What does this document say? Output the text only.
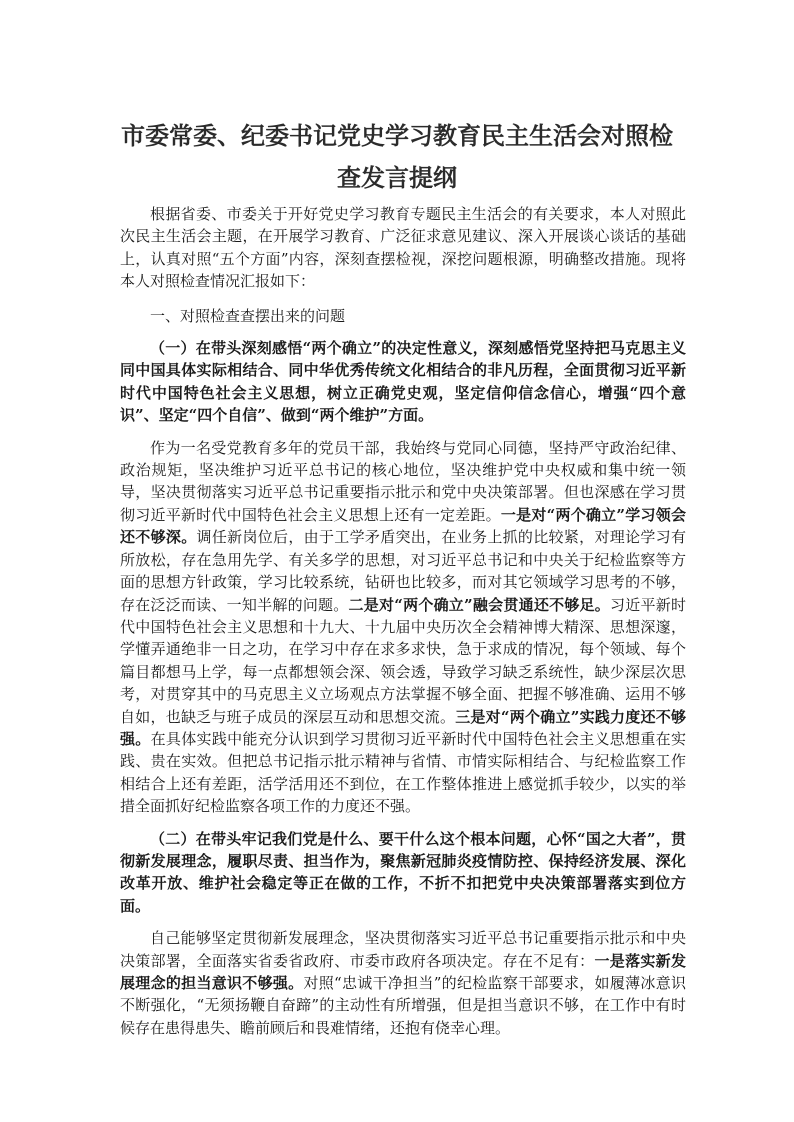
市委常委、纪委书记党史学习教育民主生活会对照检
查发言提纲

根据省委、市委关于开好党史学习教育专题民主生活会的有关要求，本人对照此次民主生活会主题，在开展学习教育、广泛征求意见建议、深入开展谈心谈话的基础上，认真对照“五个方面”内容，深刻查摆检视，深挖问题根源，明确整改措施。现将本人对照检查情况汇报如下：

一、对照检查查摆出来的问题

（一）在带头深刻感悟“两个确立”的决定性意义，深刻感悟党坚持把马克思主义同中国具体实际相结合、同中华优秀传统文化相结合的非凡历程，全面贯彻习近平新时代中国特色社会主义思想，树立正确党史观，坚定信仰信念信心，增强“四个意识”、坚定“四个自信”、做到“两个维护”方面。

作为一名受党教育多年的党员干部，我始终与党同心同德，坚持严守政治纪律、政治规矩，坚决维护习近平总书记的核心地位，坚决维护党中央权威和集中统一领导，坚决贯彻落实习近平总书记重要指示批示和党中央决策部署。但也深感在学习贯彻习近平新时代中国特色社会主义思想上还有一定差距。一是对“两个确立”学习领会还不够深。调任新岗位后，由于工学矛盾突出，在业务上抓的比较紧，对理论学习有所放松，存在急用先学、有关多学的思想，对习近平总书记和中央关于纪检监察等方面的思想方针政策，学习比较系统，钻研也比较多，而对其它领域学习思考的不够，存在泛泛而读、一知半解的问题。二是对“两个确立”融会贯通还不够足。习近平新时代中国特色社会主义思想和十九大、十九届中央历次全会精神博大精深、思想深邃，学懂弄通绝非一日之功，在学习中存在求多求快，急于求成的情况，每个领域、每个篇目都想马上学，每一点都想领会深、领会透，导致学习缺乏系统性，缺少深层次思考，对贯穿其中的马克思主义立场观点方法掌握不够全面、把握不够准确、运用不够自如，也缺乏与班子成员的深层互动和思想交流。三是对“两个确立”实践力度还不够强。在具体实践中能充分认识到学习贯彻习近平新时代中国特色社会主义思想重在实践、贵在实效。但把总书记指示批示精神与省情、市情实际相结合、与纪检监察工作相结合上还有差距，活学活用还不到位，在工作整体推进上感觉抓手较少，以实的举措全面抓好纪检监察各项工作的力度还不强。

（二）在带头牢记我们党是什么、要干什么这个根本问题，心怀“国之大者”，贯彻新发展理念，履职尽责、担当作为，聚焦新冠肺炎疫情防控、保持经济发展、深化改革开放、维护社会稳定等正在做的工作，不折不扣把党中央决策部署落实到位方面。

自己能够坚定贯彻新发展理念，坚决贯彻落实习近平总书记重要指示批示和中央决策部署，全面落实省委省政府、市委市政府各项决定。存在不足有：一是落实新发展理念的担当意识不够强。对照“忠诚干净担当”的纪检监察干部要求，如履薄冰意识不断强化，“无须扬鞭自奋蹄”的主动性有所增强，但是担当意识不够，在工作中有时候存在患得患失、瞻前顾后和畏难情绪，还抱有侥幸心理。
